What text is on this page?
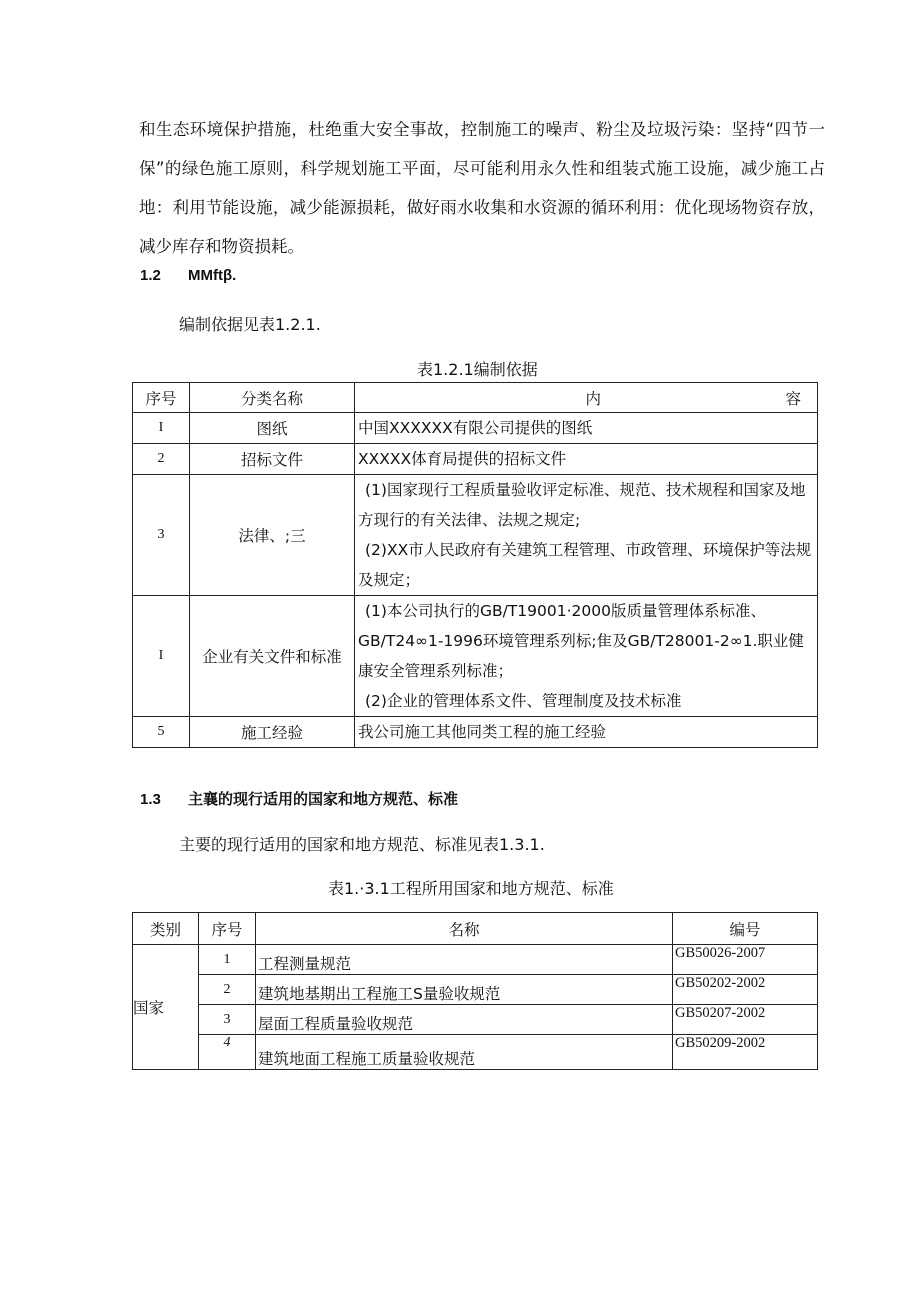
和生态环境保护措施，杜绝重大安全事故，控制施工的噪声、粉尘及垃圾污染：坚持“四节一保”的绿色施工原则，科学规划施工平面，尽可能利用永久性和组装式施工设施，减少施工占地：利用节能设施，减少能源损耗，做好雨水收集和水资源的循环利用：优化现场物资存放，减少库存和物资损耗。

1.2 MMftβ.

编制依据见表1.2.1.

表1.2.1编制依据

序号	分类名称	内 容
I	图纸	中国XXXXXX有限公司提供的图纸

2	招标文件	XXXXX体育局提供的招标文件

3	法律、;三	(1)国家现行工程质量验收评定标准、规范、技术规程和国家及地方现行的有关法律、法规之规定;

(2)XX市人民政府有关建筑工程管理、市政管理、环境保护等法规及规定；

I	企业有关文件和标准	(1)本公司执行的GB/T19001·2000版质量管理体系标准、GB/T24∞1-1996环境管理系列标;隹及GB/T28001-2∞1.职业健康安全管理系列标准；

(2)企业的管理体系文件、管理制度及技术标准

5	施工经验	我公司施工其他同类工程的施工经验

1.3 主襄的现行适用的国家和地方规范、标准

主要的现行适用的国家和地方规范、标准见表1.3.1.

表1.·3.1工程所用国家和地方规范、标准

类别	序号	名称	编号
国家	1	工程测量规范	GB50026-2007
	2	建筑地基期出工程施工S量验收规范	GB50202-2002
	3	屋面工程质量验收规范	GB50207-2002
	4	建筑地面工程施工质量验收规范	GB50209-2002
